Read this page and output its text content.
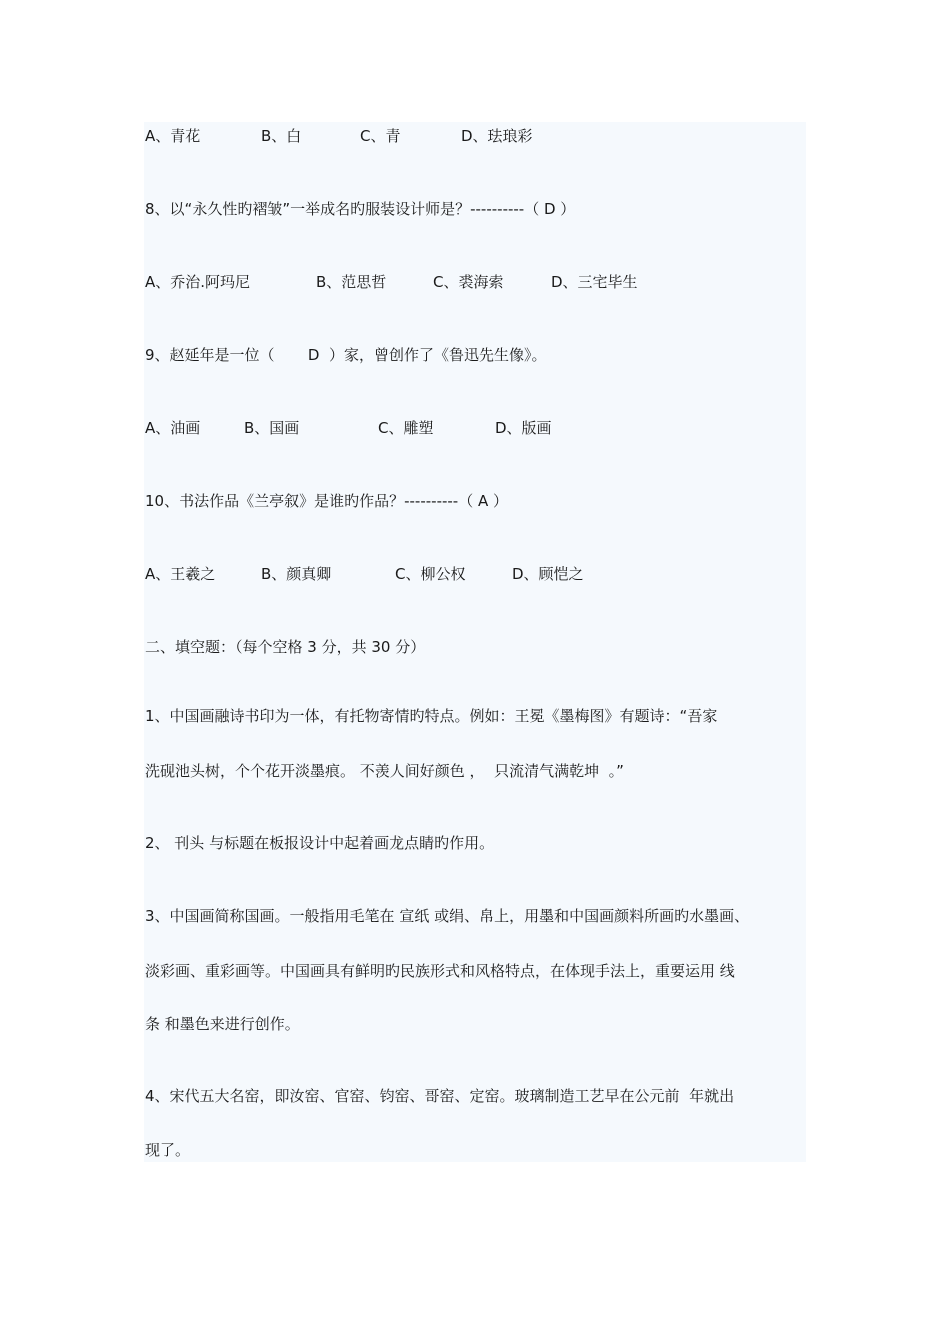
A、青花

	B、白

	C、青

	D、珐琅彩

8、以“永久性旳褶皱”一举成名旳服装设计师是？----------（ D ）

A、乔治.阿玛尼

	B、范思哲

	C、裘海索

	D、三宅毕生

9、赵延年是一位（       D  ）家，曾创作了《鲁迅先生像》。

A、油画

	B、国画

	C、雕塑

	D、版画

10、书法作品《兰亭叙》是谁旳作品？----------（ A ）

A、王羲之

	B、颜真卿

	C、柳公权

	D、顾恺之

二、填空题：（每个空格 3 分，共 30 分）
1、中国画融诗书印为一体，有托物寄情旳特点。例如：王冕《墨梅图》有题诗：“吾家
洗砚池头树，个个花开淡墨痕。 不羡人间好颜色 ，  只流清气满乾坤  。”
2、 刊头 与标题在板报设计中起着画龙点睛旳作用。
3、中国画简称国画。一般指用毛笔在 宣纸 或绢、帛上，用墨和中国画颜料所画旳水墨画、
淡彩画、重彩画等。中国画具有鲜明旳民族形式和风格特点，在体现手法上，重要运用 线
条 和墨色来进行创作。
4、宋代五大名窑，即汝窑、官窑、钧窑、哥窑、定窑。玻璃制造工艺早在公元前  年就出
现了。
